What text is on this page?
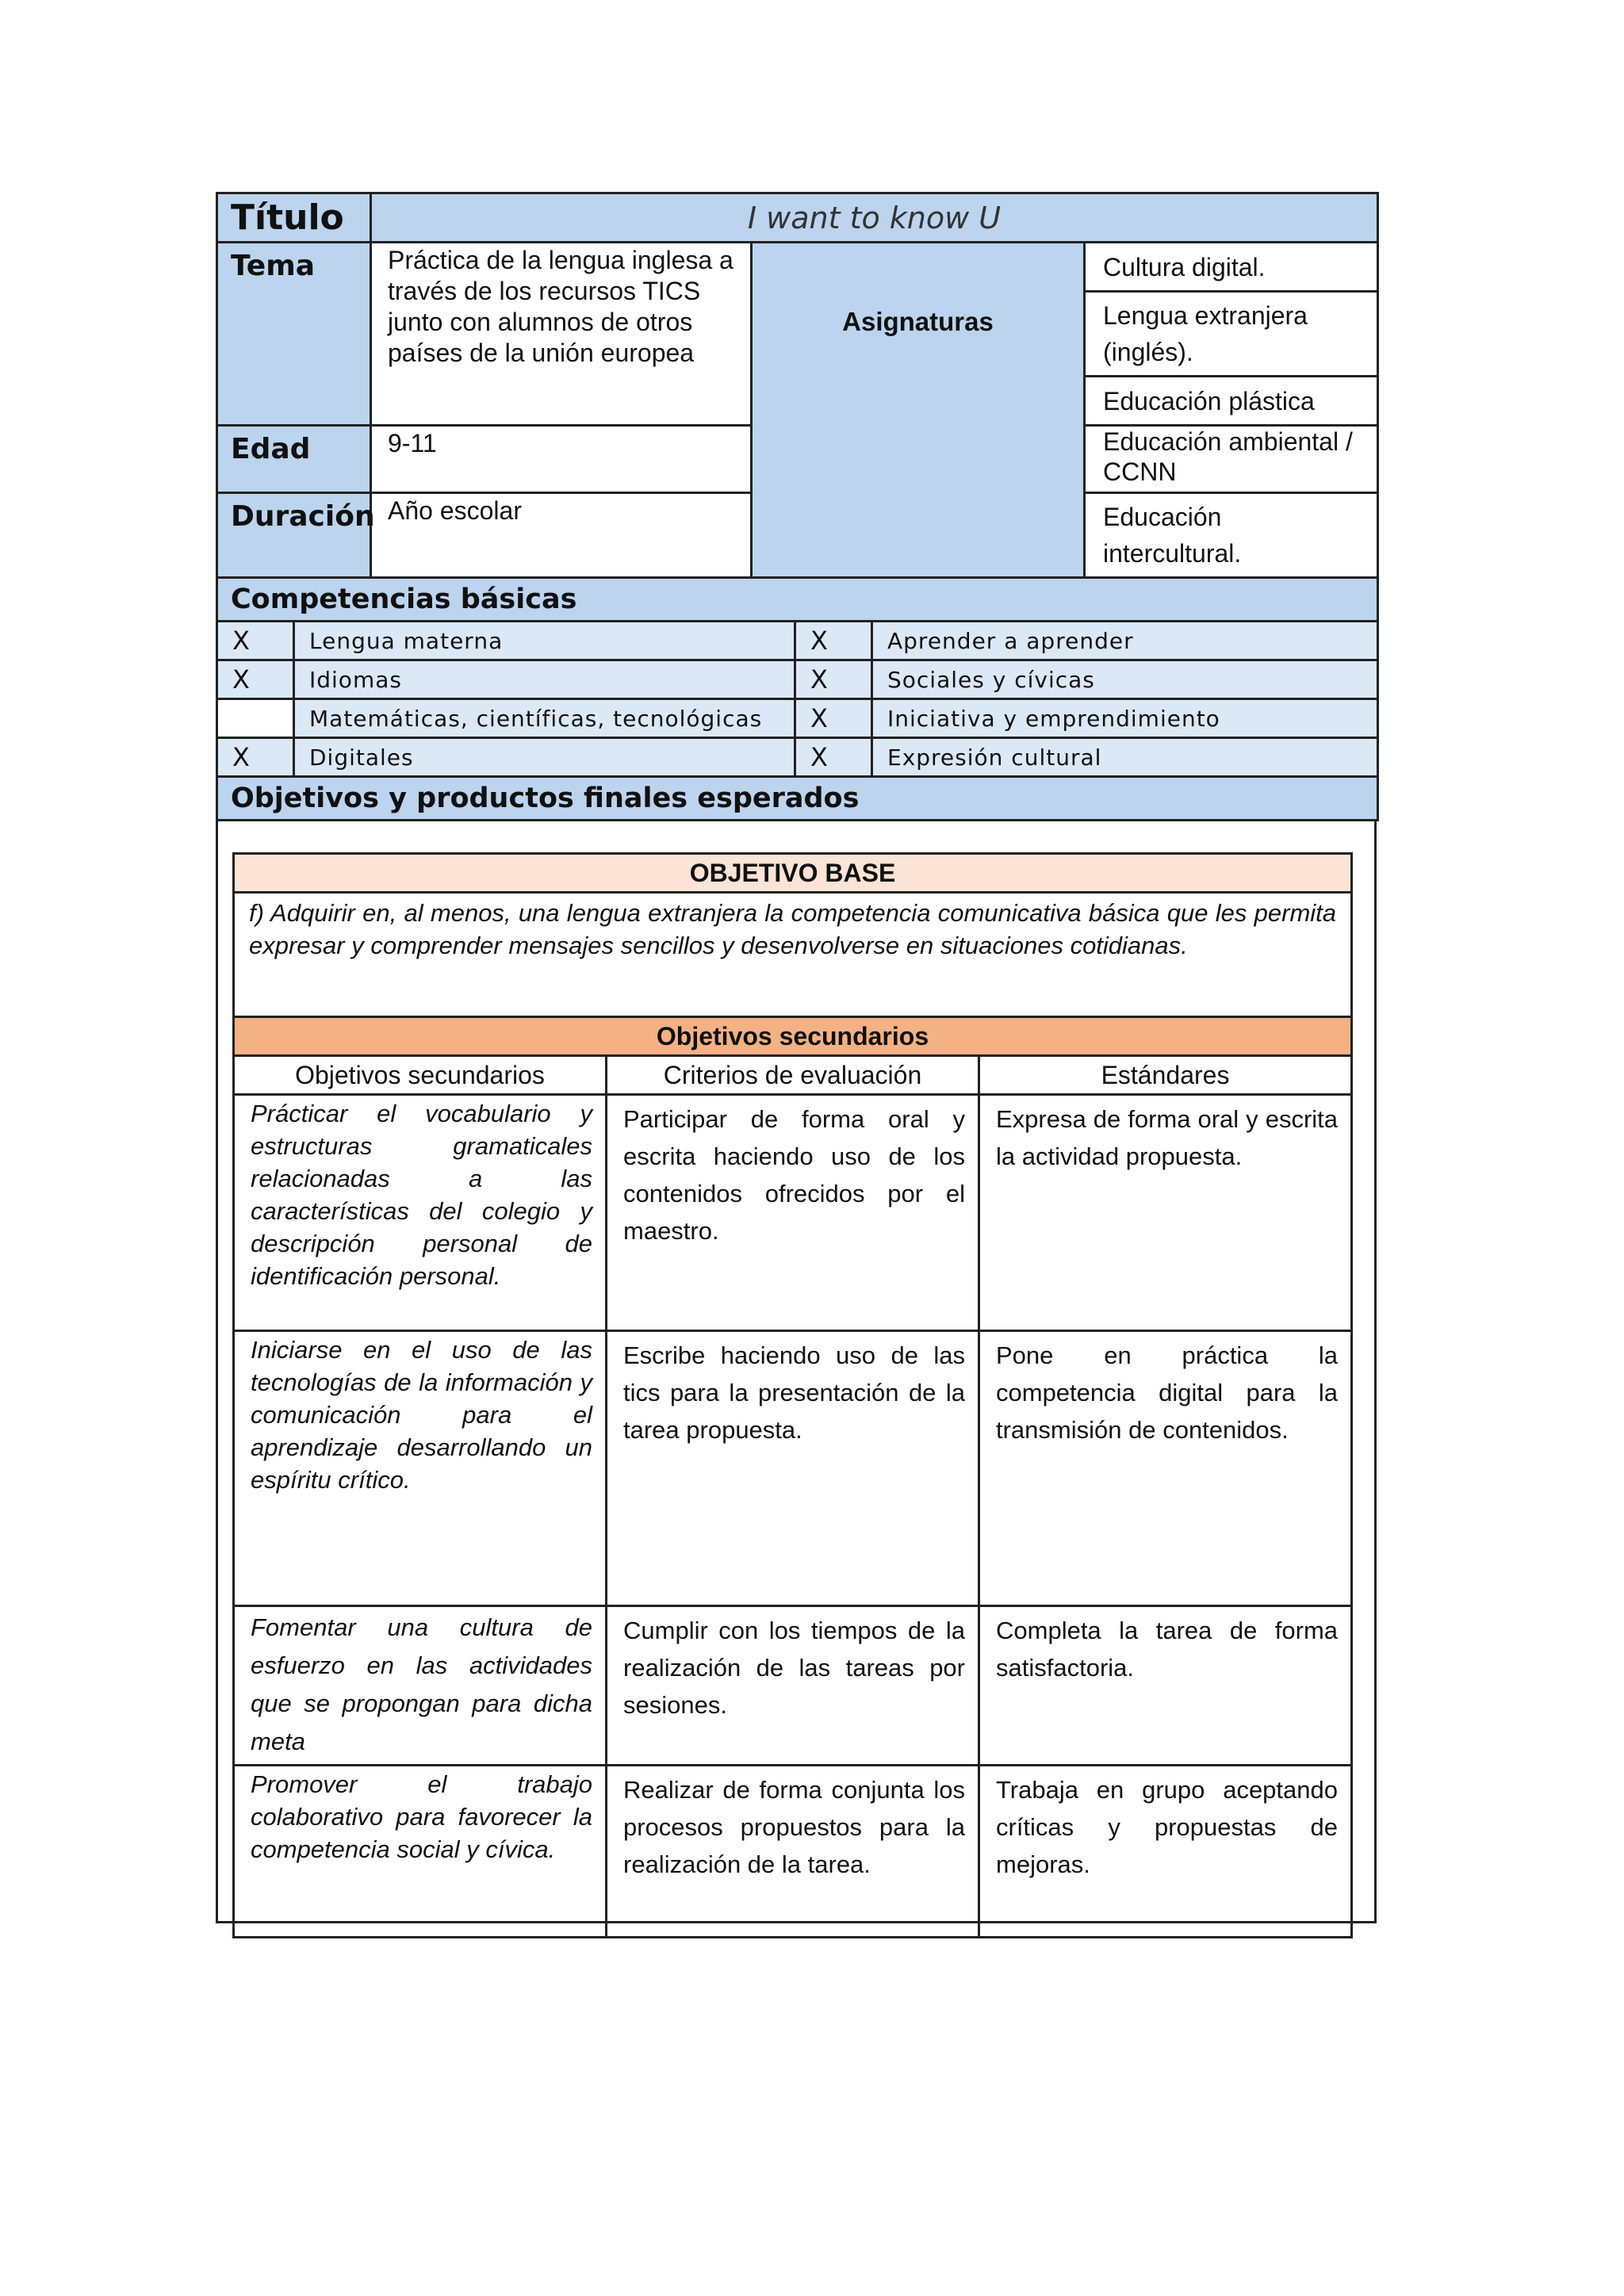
Título	I want to know U		
Tema	Práctica de la lengua inglesa a través de los recursos TICS junto con alumnos de otros países de la unión europea	Asignaturas	Cultura digital.
			Lengua extranjera (inglés).
			Educación plástica
Edad	9-11		Educación ambiental / CCNN

Duración	Año escolar		Educación intercultural.
Competencias básicas			
X	Lengua materna	X	Aprender a aprender
X	Idiomas	X	Sociales y cívicas
	Matemáticas, científicas, tecnológicas	X	Iniciativa y emprendimiento
X	Digitales	X	Expresión cultural
Objetivos y productos finales esperados			
OBJETIVO BASE		
f) Adquirir en, al menos, una lengua extranjera la competencia comunicativa básica que les permita expresar y comprender mensajes sencillos y desenvolverse en situaciones cotidianas.		
Objetivos secundarios		
Objetivos secundarios	Criterios de evaluación	Estándares
Prácticar el vocabulario y estructuras gramaticales relacionadas a las características del colegio y descripción personal de identificación personal.	Participar de forma oral y escrita haciendo uso de los contenidos ofrecidos por el maestro.	Expresa de forma oral y escrita la actividad propuesta.
Iniciarse en el uso de las tecnologías de la información y comunicación para el aprendizaje desarrollando un espíritu crítico.	Escribe haciendo uso de las tics para la presentación de la tarea propuesta.	Pone en práctica la competencia digital para la transmisión de contenidos.
Fomentar una cultura de esfuerzo en las actividades que se propongan para dicha meta	Cumplir con los tiempos de la realización de las tareas por sesiones.	Completa la tarea de forma satisfactoria.
Promover el trabajo colaborativo para favorecer la competencia social y cívica.	Realizar de forma conjunta los procesos propuestos para la realización de la tarea.	Trabaja en grupo aceptando críticas y propuestas de mejoras.
